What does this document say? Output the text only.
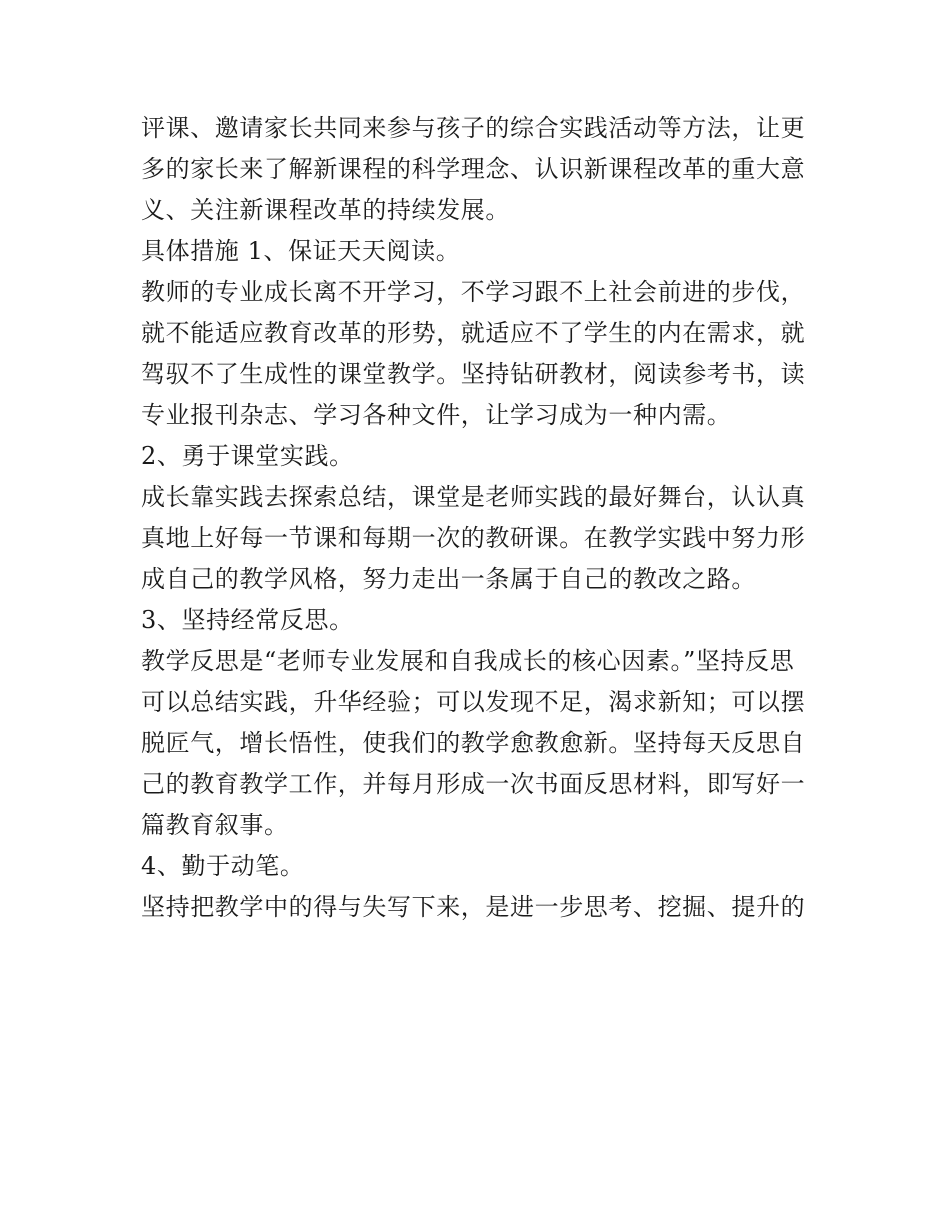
评课、邀请家长共同来参与孩子的综合实践活动等方法，让更
多的家长来了解新课程的科学理念、认识新课程改革的重大意
义、关注新课程改革的持续发展。
具体措施 1、保证天天阅读。
教师的专业成长离不开学习，不学习跟不上社会前进的步伐，
就不能适应教育改革的形势，就适应不了学生的内在需求，就
驾驭不了生成性的课堂教学。坚持钻研教材，阅读参考书，读
专业报刊杂志、学习各种文件，让学习成为一种内需。
2、勇于课堂实践。
成长靠实践去探索总结，课堂是老师实践的最好舞台，认认真
真地上好每一节课和每期一次的教研课。在教学实践中努力形
成自己的教学风格，努力走出一条属于自己的教改之路。
3、坚持经常反思。
教学反思是“老师专业发展和自我成长的核心因素。”坚持反思
可以总结实践，升华经验；可以发现不足，渴求新知；可以摆
脱匠气，增长悟性，使我们的教学愈教愈新。坚持每天反思自
己的教育教学工作，并每月形成一次书面反思材料，即写好一
篇教育叙事。
4、勤于动笔。
坚持把教学中的得与失写下来，是进一步思考、挖掘、提升的
